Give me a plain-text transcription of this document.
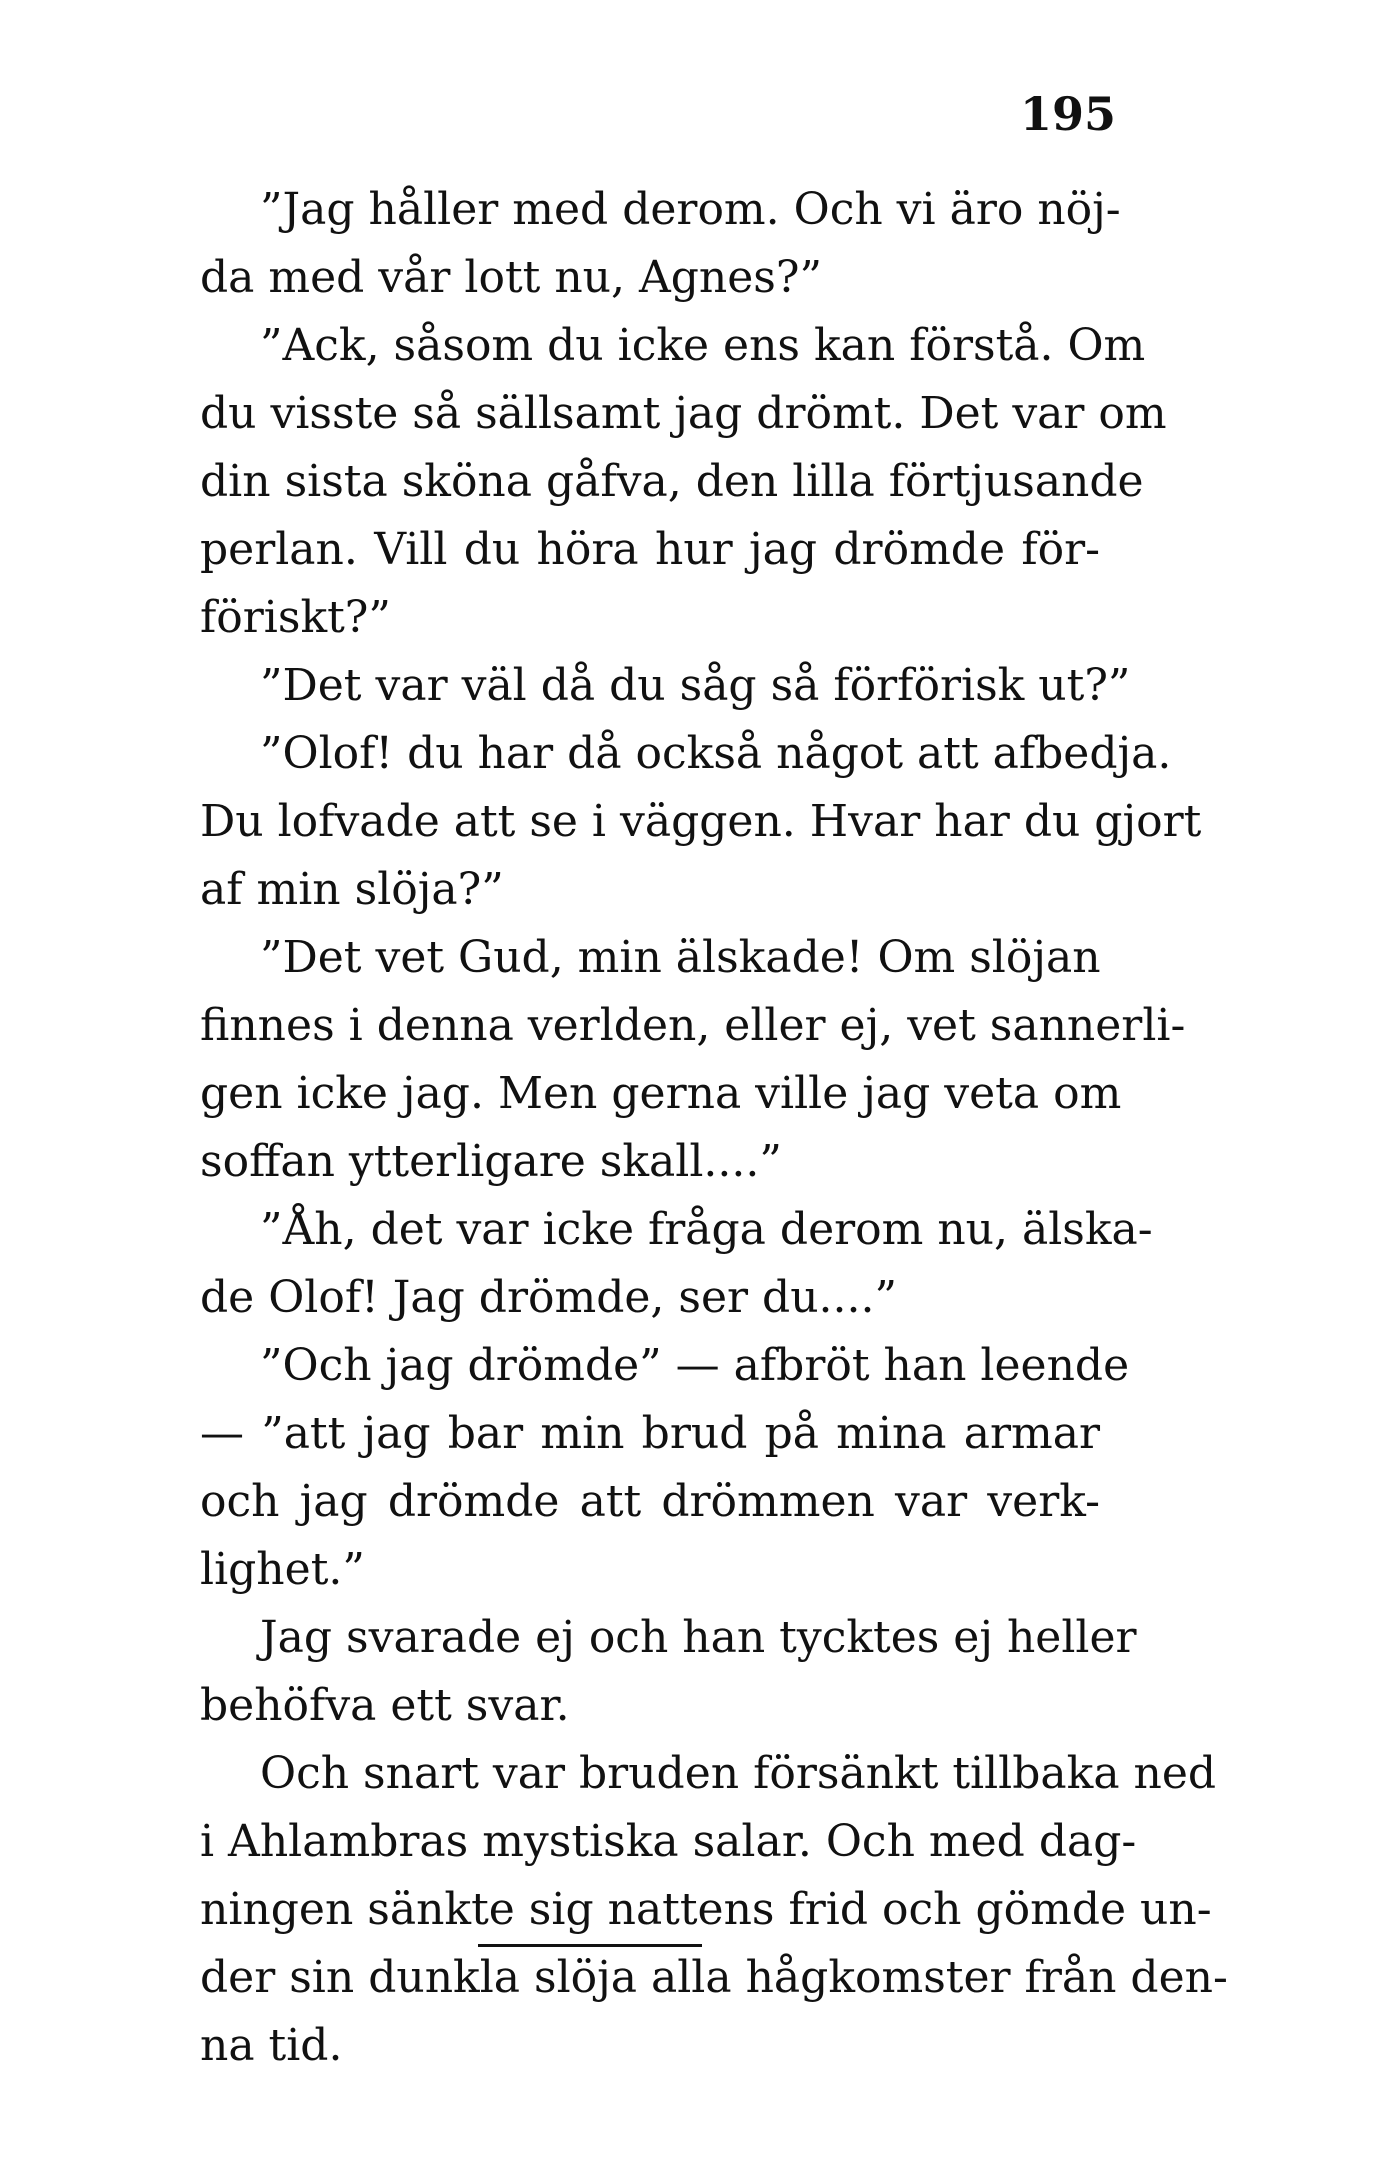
195
”Jag håller med derom. Och vi äro nöj-
da med vår lott nu, Agnes?”
”Ack, såsom du icke ens kan förstå. Om
du visste så sällsamt jag drömt. Det var om
din sista sköna gåfva, den lilla förtjusande
perlan. Vill du höra hur jag drömde för-
föriskt?”
”Det var väl då du såg så förförisk ut?”
”Olof! du har då också något att afbedja.
Du lofvade att se i väggen. Hvar har du gjort
af min slöja?”
”Det vet Gud, min älskade! Om slöjan
finnes i denna verlden, eller ej, vet sannerli-
gen icke jag. Men gerna ville jag veta om
soffan ytterligare skall....”
”Åh, det var icke fråga derom nu, älska-
de Olof! Jag drömde, ser du....”
”Och jag drömde” — afbröt han leende
— ”att jag bar min brud på mina armar
och jag drömde att drömmen var verk-
lighet.”
Jag svarade ej och han tycktes ej heller
behöfva ett svar.
Och snart var bruden försänkt tillbaka ned
i Ahlambras mystiska salar. Och med dag-
ningen sänkte sig nattens frid och gömde un-
der sin dunkla slöja alla hågkomster från den-
na tid.
